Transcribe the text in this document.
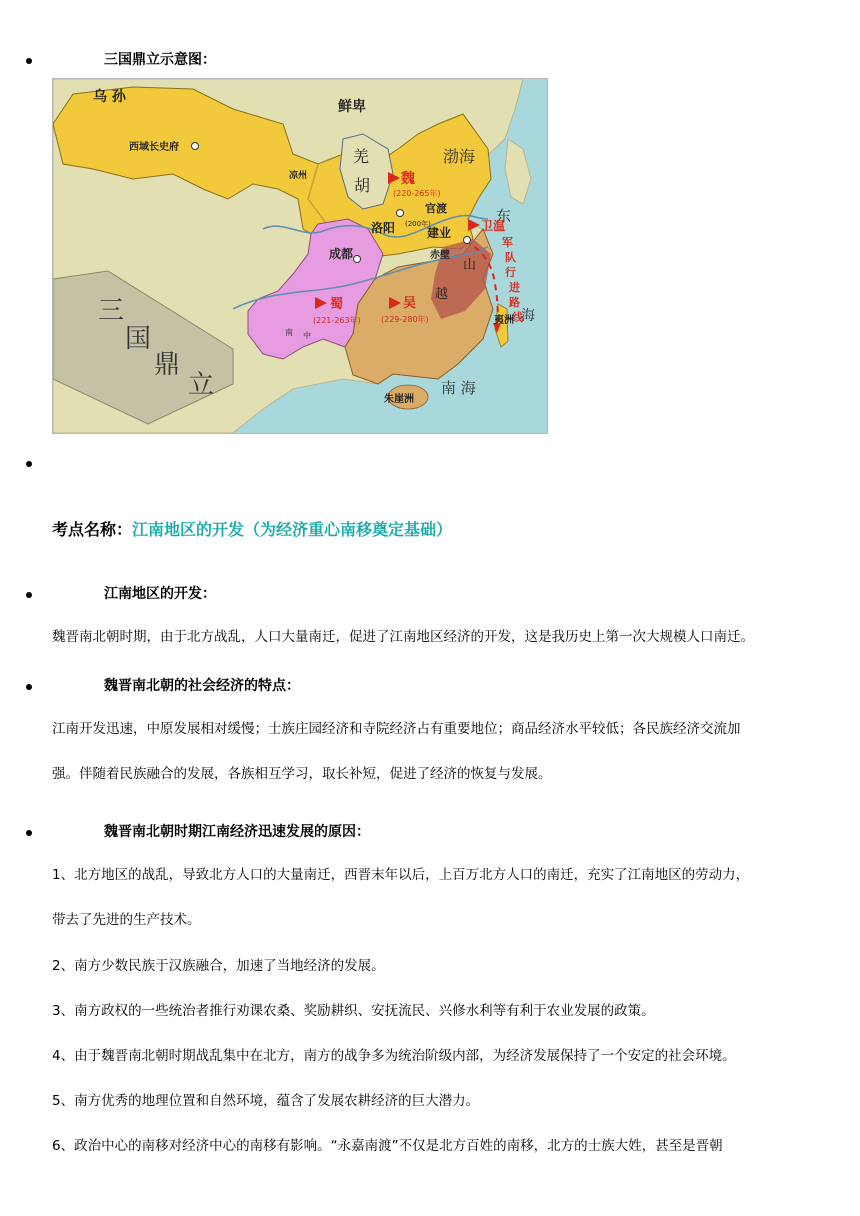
三国鼎立示意图：
乌 孙
鲜卑
西域长史府
凉州
羌
胡
渤海
魏
(220-265年)
官渡
(200年)
洛阳
东
建业 卫温
军
队
行
进
路
线
成都	赤壁
山
越
蜀
(221-263年)
吴
(229-280年)
南 中
夷洲 海
南 海
朱崖洲
三
国
鼎
立
考点名称：江南地区的开发（为经济重心南移奠定基础）
江南地区的开发：
魏晋南北朝时期，由于北方战乱，人口大量南迁，促进了江南地区经济的开发，这是我历史上第一次大规模人口南迁。
魏晋南北朝的社会经济的特点：
江南开发迅速，中原发展相对缓慢；士族庄园经济和寺院经济占有重要地位；商品经济水平较低；各民族经济交流加
强。伴随着民族融合的发展，各族相互学习，取长补短，促进了经济的恢复与发展。
魏晋南北朝时期江南经济迅速发展的原因：
1、北方地区的战乱，导致北方人口的大量南迁，西晋末年以后，上百万北方人口的南迁，充实了江南地区的劳动力，
带去了先进的生产技术。
2、南方少数民族于汉族融合，加速了当地经济的发展。
3、南方政权的一些统治者推行劝课农桑、奖励耕织、安抚流民、兴修水利等有利于农业发展的政策。
4、由于魏晋南北朝时期战乱集中在北方，南方的战争多为统治阶级内部，为经济发展保持了一个安定的社会环境。
5、南方优秀的地理位置和自然环境，蕴含了发展农耕经济的巨大潜力。
6、政治中心的南移对经济中心的南移有影响。“永嘉南渡”不仅是北方百姓的南移，北方的士族大姓，甚至是晋朝
